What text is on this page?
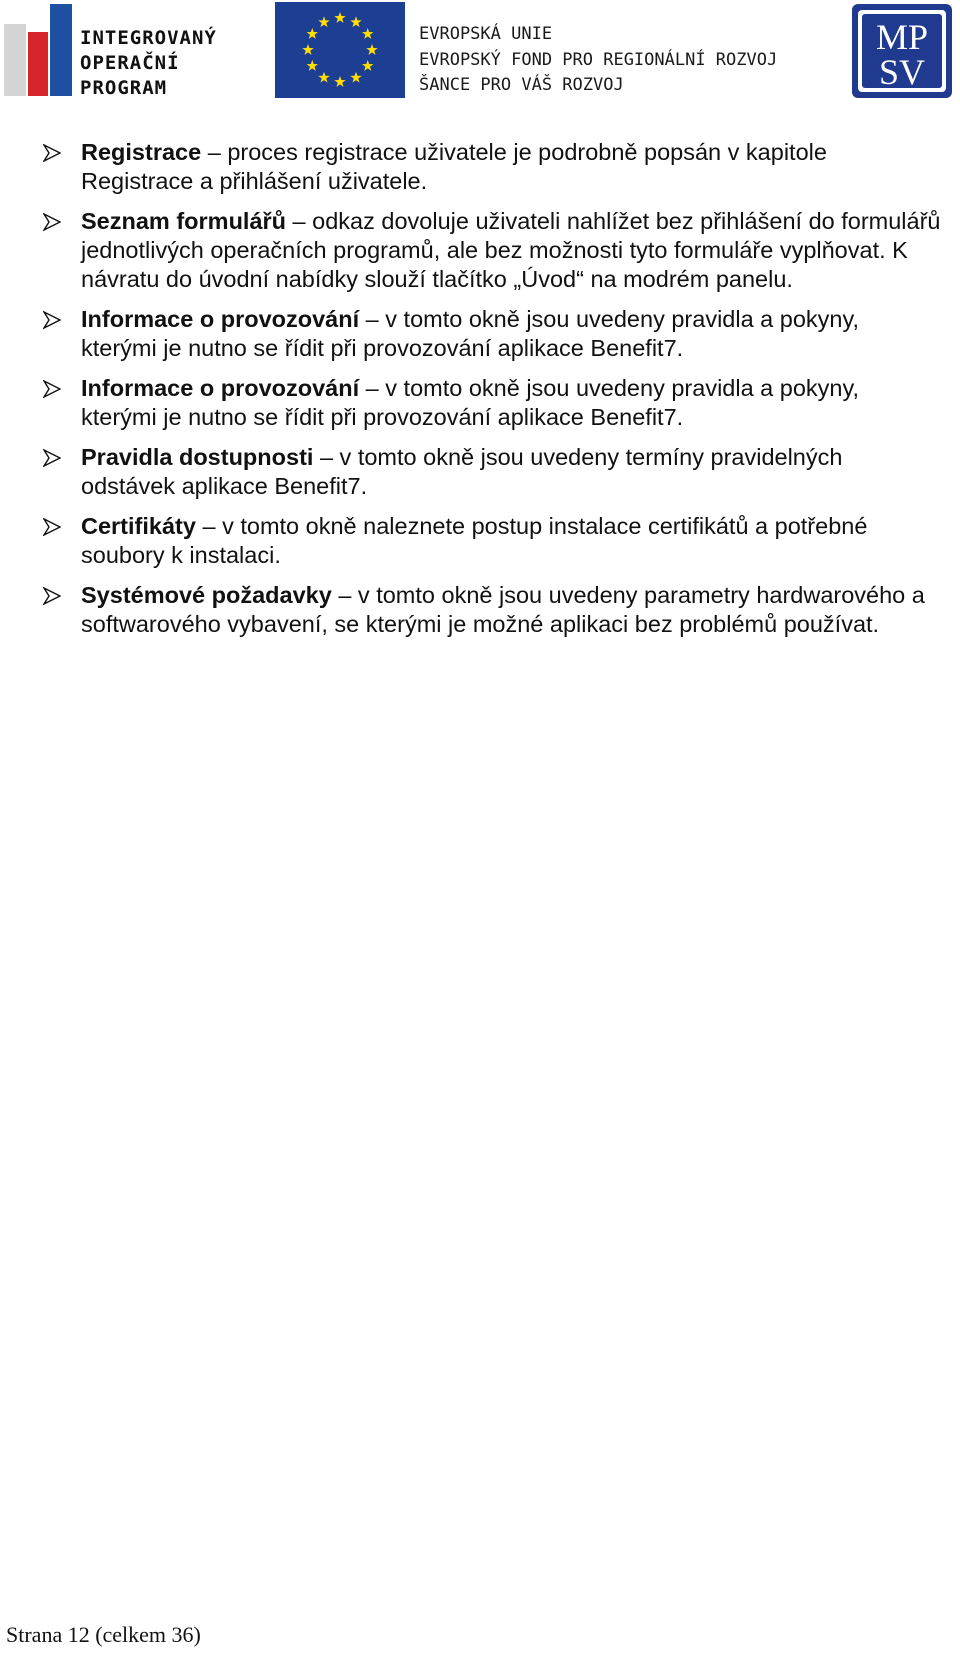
INTEGROVANÝ
OPERAČNÍ
PROGRAM
EVROPSKÁ UNIE
EVROPSKÝ FOND PRO REGIONÁLNÍ ROZVOJ
ŠANCE PRO VÁŠ ROZVOJ
MP
SV
Registrace – proces registrace uživatele je podrobně popsán v kapitole Registrace a přihlášení uživatele.
Seznam formulářů – odkaz dovoluje uživateli nahlížet bez přihlášení do formulářů jednotlivých operačních programů, ale bez možnosti tyto formuláře vyplňovat. K návratu do úvodní nabídky slouží tlačítko „Úvod“ na modrém panelu.
Informace o provozování – v tomto okně jsou uvedeny pravidla a pokyny, kterými je nutno se řídit při provozování aplikace Benefit7.
Informace o provozování – v tomto okně jsou uvedeny pravidla a pokyny, kterými je nutno se řídit při provozování aplikace Benefit7.
Pravidla dostupnosti – v tomto okně jsou uvedeny termíny pravidelných odstávek aplikace Benefit7.
Certifikáty – v tomto okně naleznete postup instalace certifikátů a potřebné soubory k instalaci.
Systémové požadavky – v tomto okně jsou uvedeny parametry hardwarového a softwarového vybavení, se kterými je možné aplikaci bez problémů používat.
Strana 12 (celkem 36)
